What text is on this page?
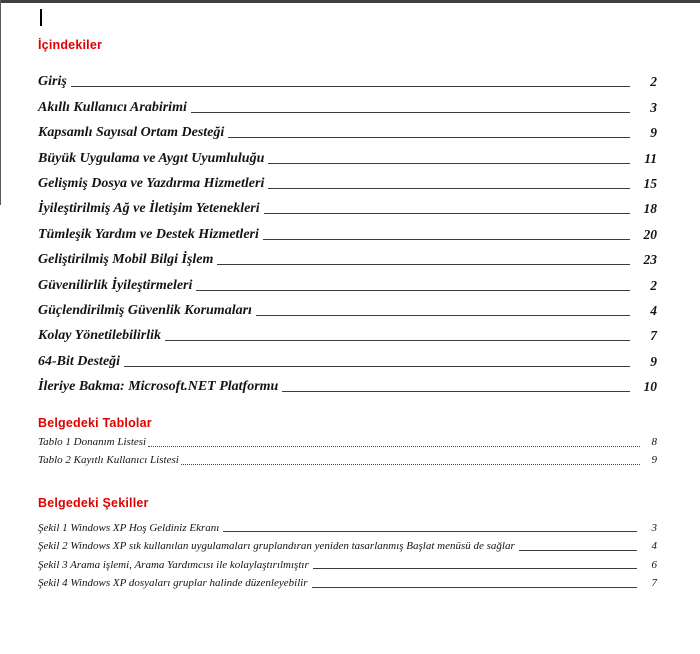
İçindekiler
Giriş	2
Akıllı Kullanıcı Arabirimi	3
Kapsamlı Sayısal Ortam Desteği	9
Büyük Uygulama ve Aygıt Uyumluluğu	11
Gelişmiş Dosya ve Yazdırma Hizmetleri	15
İyileştirilmiş Ağ ve İletişim Yetenekleri	18
Tümleşik Yardım ve Destek Hizmetleri	20
Geliştirilmiş Mobil Bilgi İşlem	23
Güvenilirlik İyileştirmeleri	2
Güçlendirilmiş Güvenlik Korumaları	4
Kolay Yönetilebilirlik	7
64-Bit Desteği	9
İleriye Bakma: Microsoft.NET Platformu	10
Belgedeki Tablolar
Tablo 1 Donanım Listesi	8
Tablo 2 Kayıtlı Kullanıcı Listesi	9
Belgedeki Şekiller
Şekil 1 Windows XP Hoş Geldiniz Ekranı	3
Şekil 2 Windows XP sık kullanılan uygulamaları gruplandıran yeniden tasarlanmış Başlat menüsü de sağlar	4
Şekil 3 Arama işlemi, Arama Yardımcısı ile kolaylaştırılmıştır	6
Şekil 4 Windows XP dosyaları gruplar halinde düzenleyebilir	7
